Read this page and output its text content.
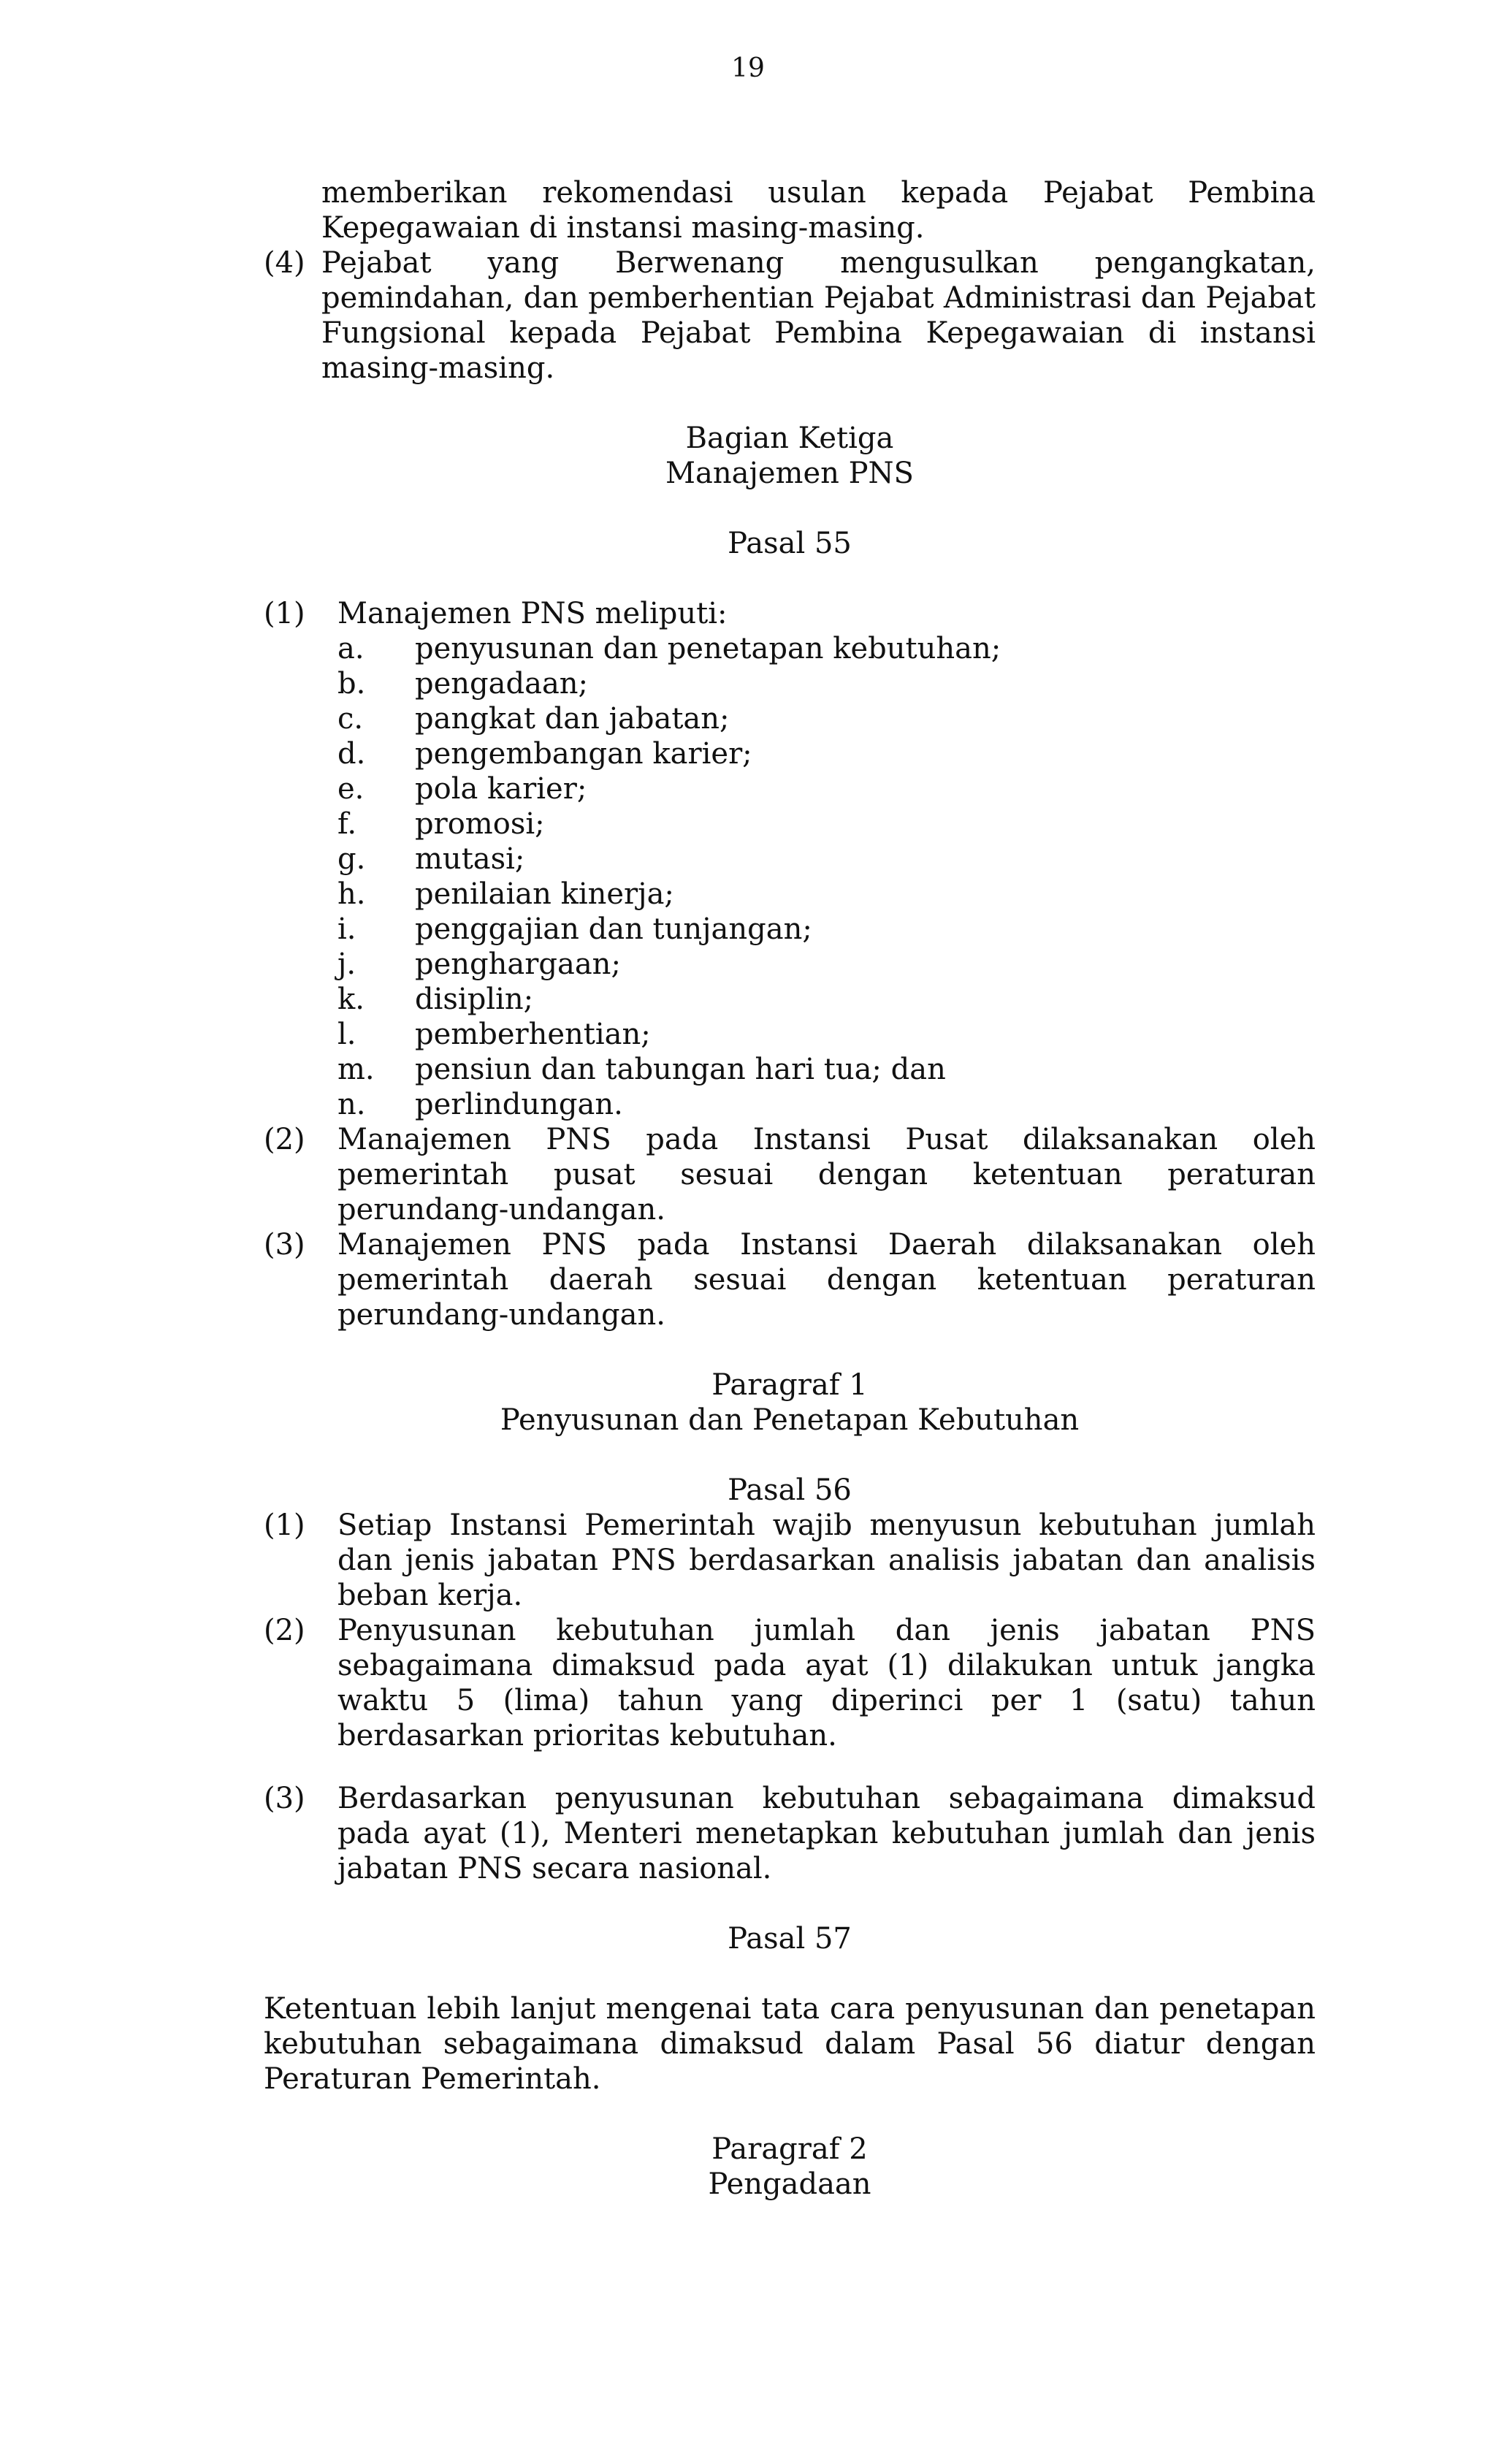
19
memberikan rekomendasi usulan kepada Pejabat Pembina Kepegawaian di instansi masing-masing.
(4) Pejabat yang Berwenang mengusulkan pengangkatan, pemindahan, dan pemberhentian Pejabat Administrasi dan Pejabat Fungsional kepada Pejabat Pembina Kepegawaian di instansi masing-masing.
Bagian Ketiga
Manajemen PNS
Pasal 55
(1)	Manajemen PNS meliputi:
a.	penyusunan dan penetapan kebutuhan;
b.	pengadaan;
c.	pangkat dan jabatan;
d.	pengembangan karier;
e.	pola karier;
f.	promosi;
g.	mutasi;
h.	penilaian kinerja;
i.	penggajian dan tunjangan;
j.	penghargaan;
k.	disiplin;
l.	pemberhentian;
m.	pensiun dan tabungan hari tua; dan
n.	perlindungan.
(2)	Manajemen PNS pada Instansi Pusat dilaksanakan oleh pemerintah pusat sesuai dengan ketentuan peraturan perundang-undangan.
(3)	Manajemen PNS pada Instansi Daerah dilaksanakan oleh pemerintah daerah sesuai dengan ketentuan peraturan perundang-undangan.
Paragraf 1
Penyusunan dan Penetapan Kebutuhan
Pasal 56
(1)	Setiap Instansi Pemerintah wajib menyusun kebutuhan jumlah dan jenis jabatan PNS berdasarkan analisis jabatan dan analisis beban kerja.
(2)	Penyusunan kebutuhan jumlah dan jenis jabatan PNS sebagaimana dimaksud pada ayat (1) dilakukan untuk jangka waktu 5 (lima) tahun yang diperinci per 1 (satu) tahun berdasarkan prioritas kebutuhan.
(3)	Berdasarkan penyusunan kebutuhan sebagaimana dimaksud pada ayat (1), Menteri menetapkan kebutuhan jumlah dan jenis jabatan PNS secara nasional.
Pasal 57
Ketentuan lebih lanjut mengenai tata cara penyusunan dan penetapan kebutuhan sebagaimana dimaksud dalam Pasal 56 diatur dengan Peraturan Pemerintah.
Paragraf 2
Pengadaan
